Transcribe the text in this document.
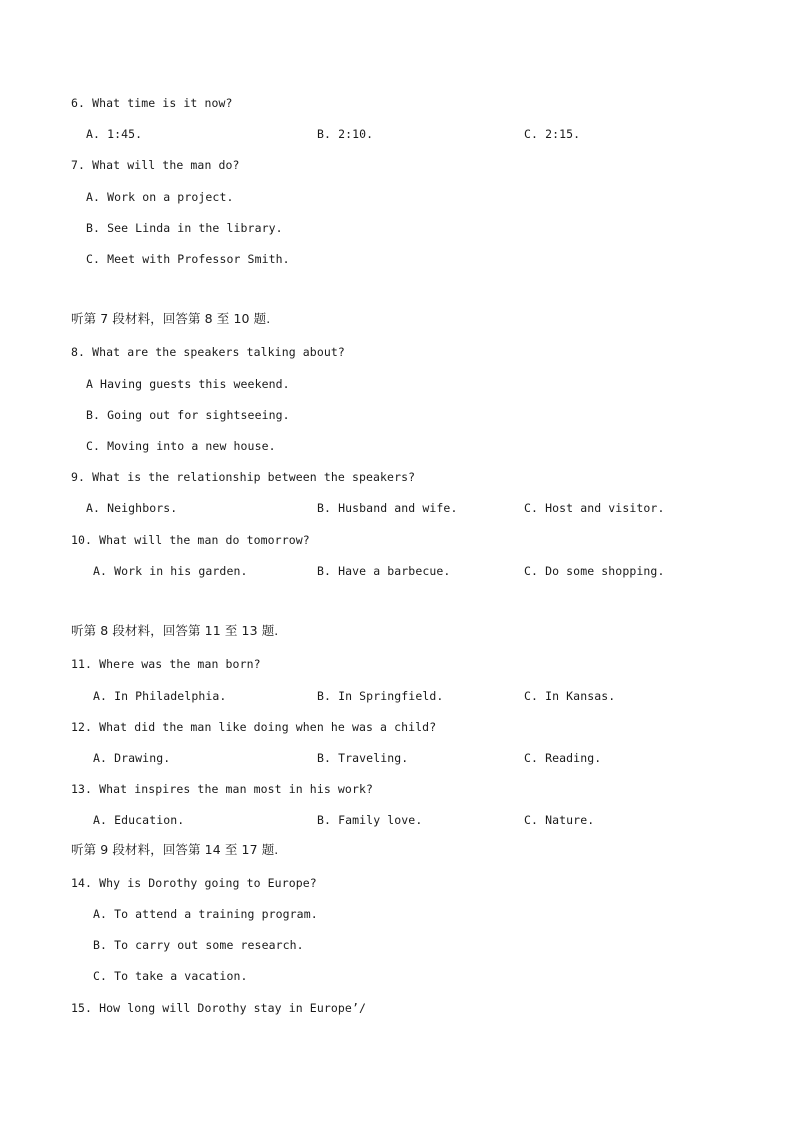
6. What time is it now?
A. 1:45.	B. 2:10.	C. 2:15.
7. What will the man do?
A. Work on a project.
B. See Linda in the library.
C. Meet with Professor Smith.
听第 7 段材料，回答第 8 至 10 题.
8. What are the speakers talking about?
A Having guests this weekend.
B. Going out for sightseeing.
C. Moving into a new house.
9. What is the relationship between the speakers?
A. Neighbors.	B. Husband and wife.	C. Host and visitor.
10. What will the man do tomorrow?
A. Work in his garden.	B. Have a barbecue.	C. Do some shopping.
听第 8 段材料，回答第 11 至 13 题.
11. Where was the man born?
A. In Philadelphia.	B. In Springfield.	C. In Kansas.
12. What did the man like doing when he was a child?
A. Drawing.	B. Traveling.	C. Reading.
13. What inspires the man most in his work?
A. Education.	B. Family love.	C. Nature.
听第 9 段材料，回答第 14 至 17 题.
14. Why is Dorothy going to Europe?
A. To attend a training program.
B. To carry out some research.
C. To take a vacation.
15. How long will Dorothy stay in Europe’/
